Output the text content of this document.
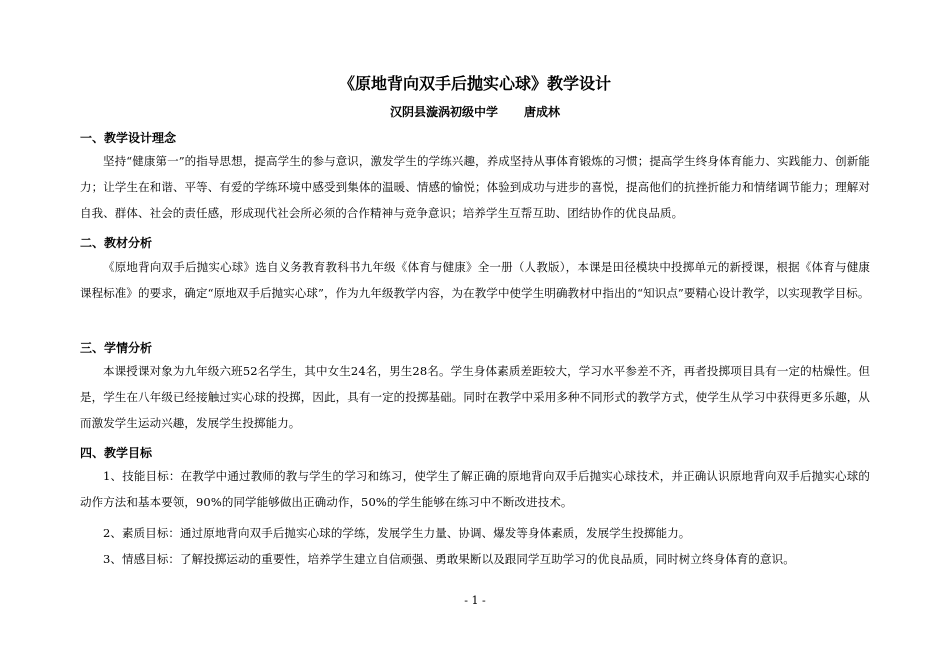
《原地背向双手后抛实心球》教学设计
汉阴县漩涡初级中学 唐成林
一、教学设计理念
坚持“健康第一”的指导思想，提高学生的参与意识，激发学生的学练兴趣，养成坚持从事体育锻炼的习惯；提高学生终身体育能力、实践能力、创新能力；让学生在和谐、平等、有爱的学练环境中感受到集体的温暖、情感的愉悦；体验到成功与进步的喜悦，提高他们的抗挫折能力和情绪调节能力；理解对自我、群体、社会的责任感，形成现代社会所必须的合作精神与竞争意识；培养学生互帮互助、团结协作的优良品质。
二、教材分析
《原地背向双手后抛实心球》选自义务教育教科书九年级《体育与健康》全一册（人教版），本课是田径模块中投掷单元的新授课，根据《体育与健康课程标准》的要求，确定“原地双手后抛实心球”，作为九年级教学内容，为在教学中使学生明确教材中指出的“知识点”要精心设计教学，以实现教学目标。
三、学情分析
本课授课对象为九年级六班52名学生，其中女生24名，男生28名。学生身体素质差距较大，学习水平参差不齐，再者投掷项目具有一定的枯燥性。但是，学生在八年级已经接触过实心球的投掷，因此，具有一定的投掷基础。同时在教学中采用多种不同形式的教学方式，使学生从学习中获得更多乐趣，从而激发学生运动兴趣，发展学生投掷能力。
四、教学目标
1、技能目标：在教学中通过教师的教与学生的学习和练习，使学生了解正确的原地背向双手后抛实心球技术，并正确认识原地背向双手后抛实心球的动作方法和基本要领，90%的同学能够做出正确动作，50%的学生能够在练习中不断改进技术。
2、素质目标：通过原地背向双手后抛实心球的学练，发展学生力量、协调、爆发等身体素质，发展学生投掷能力。
3、情感目标：了解投掷运动的重要性，培养学生建立自信顽强、勇敢果断以及跟同学互助学习的优良品质，同时树立终身体育的意识。
- 1 -
